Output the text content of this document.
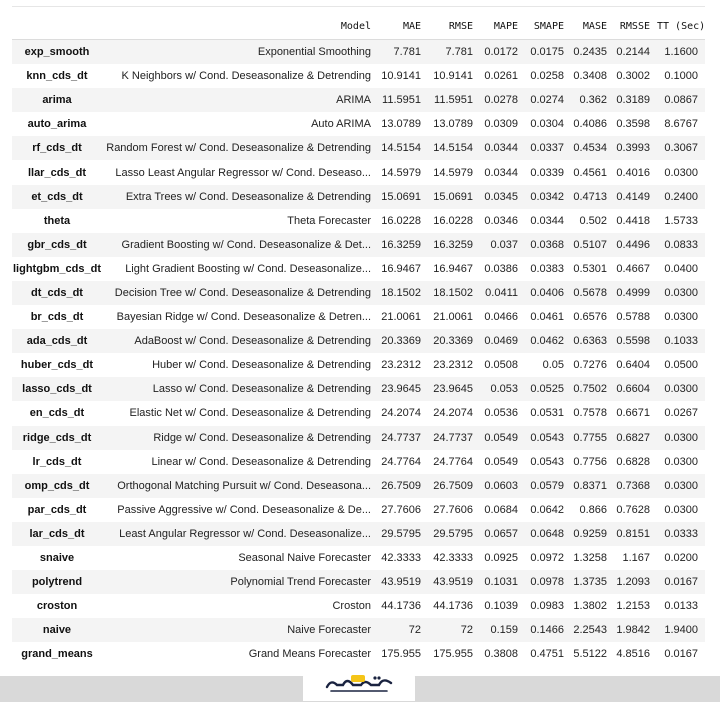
	Model	MAE	RMSE	MAPE	SMAPE	MASE	RMSSE	TT (Sec)
exp_smooth	Exponential Smoothing	7.781	7.781	0.0172	0.0175	0.2435	0.2144	1.1600
knn_cds_dt	K Neighbors w/ Cond. Deseasonalize & Detrending	10.9141	10.9141	0.0261	0.0258	0.3408	0.3002	0.1000
arima	ARIMA	11.5951	11.5951	0.0278	0.0274	0.362	0.3189	0.0867
auto_arima	Auto ARIMA	13.0789	13.0789	0.0309	0.0304	0.4086	0.3598	8.6767
rf_cds_dt	Random Forest w/ Cond. Deseasonalize & Detrending	14.5154	14.5154	0.0344	0.0337	0.4534	0.3993	0.3067
llar_cds_dt	Lasso Least Angular Regressor w/ Cond. Deseaso...	14.5979	14.5979	0.0344	0.0339	0.4561	0.4016	0.0300
et_cds_dt	Extra Trees w/ Cond. Deseasonalize & Detrending	15.0691	15.0691	0.0345	0.0342	0.4713	0.4149	0.2400
theta	Theta Forecaster	16.0228	16.0228	0.0346	0.0344	0.502	0.4418	1.5733
gbr_cds_dt	Gradient Boosting w/ Cond. Deseasonalize & Det...	16.3259	16.3259	0.037	0.0368	0.5107	0.4496	0.0833
lightgbm_cds_dt	Light Gradient Boosting w/ Cond. Deseasonalize...	16.9467	16.9467	0.0386	0.0383	0.5301	0.4667	0.0400
dt_cds_dt	Decision Tree w/ Cond. Deseasonalize & Detrending	18.1502	18.1502	0.0411	0.0406	0.5678	0.4999	0.0300
br_cds_dt	Bayesian Ridge w/ Cond. Deseasonalize & Detren...	21.0061	21.0061	0.0466	0.0461	0.6576	0.5788	0.0300
ada_cds_dt	AdaBoost w/ Cond. Deseasonalize & Detrending	20.3369	20.3369	0.0469	0.0462	0.6363	0.5598	0.1033
huber_cds_dt	Huber w/ Cond. Deseasonalize & Detrending	23.2312	23.2312	0.0508	0.05	0.7276	0.6404	0.0500
lasso_cds_dt	Lasso w/ Cond. Deseasonalize & Detrending	23.9645	23.9645	0.053	0.0525	0.7502	0.6604	0.0300
en_cds_dt	Elastic Net w/ Cond. Deseasonalize & Detrending	24.2074	24.2074	0.0536	0.0531	0.7578	0.6671	0.0267
ridge_cds_dt	Ridge w/ Cond. Deseasonalize & Detrending	24.7737	24.7737	0.0549	0.0543	0.7755	0.6827	0.0300
lr_cds_dt	Linear w/ Cond. Deseasonalize & Detrending	24.7764	24.7764	0.0549	0.0543	0.7756	0.6828	0.0300
omp_cds_dt	Orthogonal Matching Pursuit w/ Cond. Deseasona...	26.7509	26.7509	0.0603	0.0579	0.8371	0.7368	0.0300
par_cds_dt	Passive Aggressive w/ Cond. Deseasonalize & De...	27.7606	27.7606	0.0684	0.0642	0.866	0.7628	0.0300
lar_cds_dt	Least Angular Regressor w/ Cond. Deseasonalize...	29.5795	29.5795	0.0657	0.0648	0.9259	0.8151	0.0333
snaive	Seasonal Naive Forecaster	42.3333	42.3333	0.0925	0.0972	1.3258	1.167	0.0200
polytrend	Polynomial Trend Forecaster	43.9519	43.9519	0.1031	0.0978	1.3735	1.2093	0.0167
croston	Croston	44.1736	44.1736	0.1039	0.0983	1.3802	1.2153	0.0133
naive	Naive Forecaster	72	72	0.159	0.1466	2.2543	1.9842	1.9400
grand_means	Grand Means Forecaster	175.955	175.955	0.3808	0.4751	5.5122	4.8516	0.0167
